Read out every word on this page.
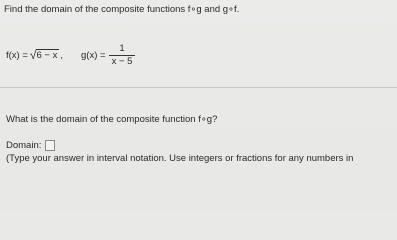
Find the domain of the composite functions f∘g and g∘f.
f(x) = √ 6 − x , $g(x) = \frac{1}{x - 5}$
What is the domain of the composite function f∘g?
Domain:
(Type your answer in interval notation. Use integers or fractions for any numbers in
